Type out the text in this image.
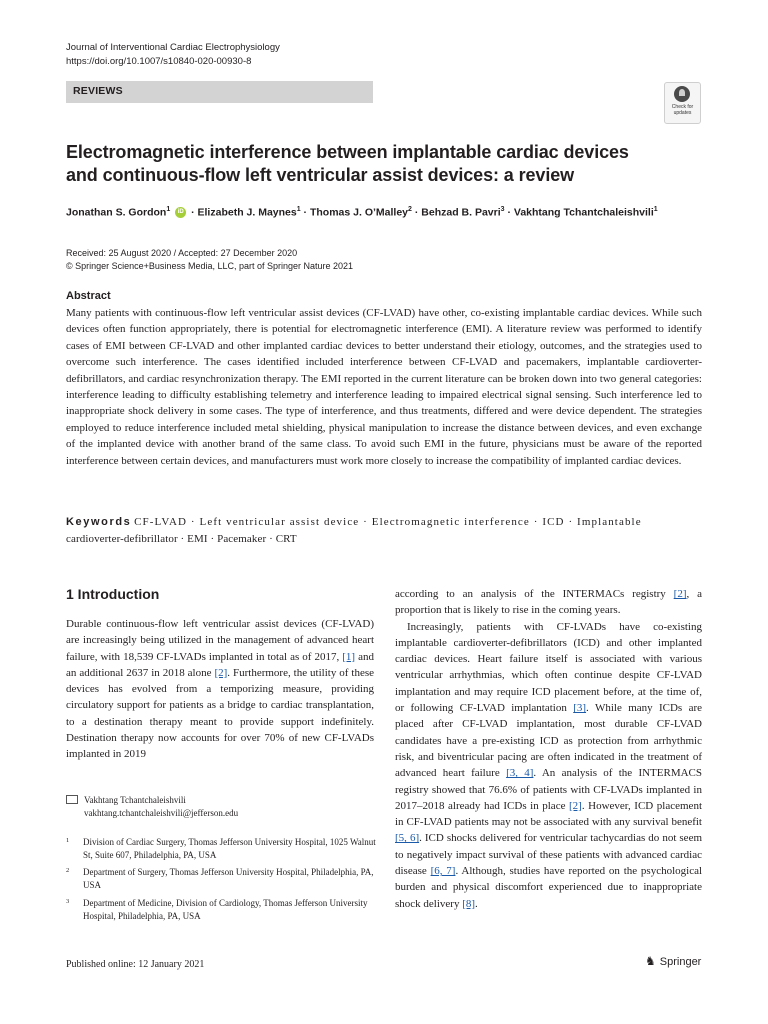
Journal of Interventional Cardiac Electrophysiology
https://doi.org/10.1007/s10840-020-00930-8
REVIEWS
Check for updates
Electromagnetic interference between implantable cardiac devices
and continuous-flow left ventricular assist devices: a review
Jonathan S. Gordon$^1$ iD · Elizabeth J. Maynes$^1$ · Thomas J. O’Malley$^2$ · Behzad B. Pavri$^3$ · Vakhtang Tchantchaleishvili$^1$
Received: 25 August 2020 / Accepted: 27 December 2020
© Springer Science+Business Media, LLC, part of Springer Nature 2021
Abstract
Many patients with continuous-flow left ventricular assist devices (CF-LVAD) have other, co-existing implantable cardiac devices. While such devices often function appropriately, there is potential for electromagnetic interference (EMI). A literature review was performed to identify cases of EMI between CF-LVAD and other implanted cardiac devices to better understand their etiology, outcomes, and the strategies used to overcome such interference. The cases identified included interference between CF-LVAD and pacemakers, implantable cardioverter-defibrillators, and cardiac resynchronization therapy. The EMI reported in the current literature can be broken down into two general categories: interference leading to difficulty establishing telemetry and interference leading to impaired electrical signal sensing. Such interference led to inappropriate shock delivery in some cases. The type of interference, and thus treatments, differed and were device dependent. The strategies employed to reduce interference included metal shielding, physical manipulation to increase the distance between devices, and even exchange of the implanted device with another brand of the same class. To avoid such EMI in the future, physicians must be aware of the reported interference between certain devices, and manufacturers must work more closely to increase the compatibility of implanted cardiac devices.
Keywords CF-LVAD · Left ventricular assist device · Electromagnetic interference · ICD · Implantable
cardioverter-defibrillator · EMI · Pacemaker · CRT
1 Introduction
Durable continuous-flow left ventricular assist devices (CF-LVAD) are increasingly being utilized in the management of advanced heart failure, with 18,539 CF-LVADs implanted in total as of 2017, [1] and an additional 2637 in 2018 alone [2]. Furthermore, the utility of these devices has evolved from a temporizing measure, providing circulatory support for patients as a bridge to cardiac transplantation, to a destination therapy meant to provide support indefinitely. Destination therapy now accounts for over 70% of new CF-LVADs implanted in 2019

according to an analysis of the INTERMACs registry [2], a proportion that is likely to rise in the coming years.

Increasingly, patients with CF-LVADs have co-existing implantable cardioverter-defibrillators (ICD) and other implanted cardiac devices. Heart failure itself is associated with various ventricular arrhythmias, which often continue despite CF-LVAD implantation and may require ICD placement before, at the time of, or following CF-LVAD implantation [3]. While many ICDs are placed after CF-LVAD implantation, most durable CF-LVAD candidates have a pre-existing ICD as protection from arrhythmic risk, and biventricular pacing are often indicated in the treatment of advanced heart failure [3, 4]. An analysis of the INTERMACS registry showed that 76.6% of patients with CF-LVADs implanted in 2017–2018 already had ICDs in place [2]. However, ICD placement in CF-LVAD patients may not be associated with any survival benefit [5, 6]. ICD shocks delivered for ventricular tachycardias do not seem to negatively impact survival of these patients with advanced cardiac disease [6, 7]. Although, studies have reported on the psychological burden and physical discomfort experienced due to inappropriate shock delivery [8].

Vakhtang Tchantchaleishvili
vakhtang.tchantchaleishvili@jefferson.edu
1 Division of Cardiac Surgery, Thomas Jefferson University Hospital, 1025 Walnut St, Suite 607, Philadelphia, PA, USA
2 Department of Surgery, Thomas Jefferson University Hospital, Philadelphia, PA, USA
3 Department of Medicine, Division of Cardiology, Thomas Jefferson University Hospital, Philadelphia, PA, USA
Published online: 12 January 2021	♞ Springer
